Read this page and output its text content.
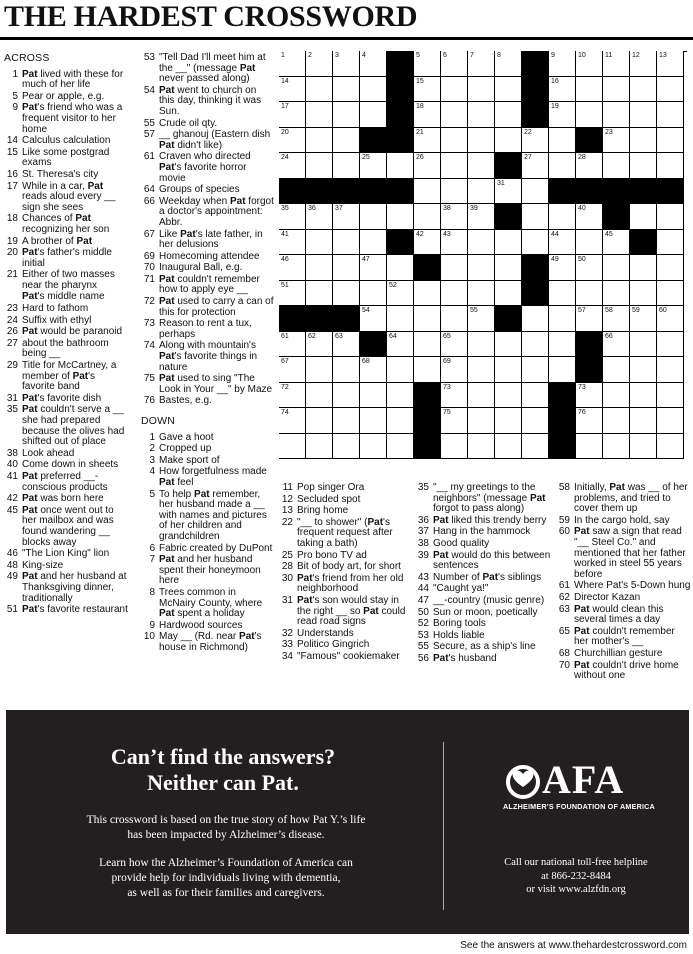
THE HARDEST CROSSWORD
ACROSS
1 Pat lived with these for much of her life
5 Pear or apple, e.g.
9 Pat's friend who was a frequent visitor to her home
14 Calculus calculation
15 Like some postgrad exams
16 St. Theresa's city
17 While in a car, Pat reads aloud every __ sign she sees
18 Chances of Pat recognizing her son
19 A brother of Pat
20 Pat's father's middle initial
21 Either of two masses near the pharynx
Pat's middle name
23 Hard to fathom
24 Suffix with ethyl
26 Pat would be paranoid
27 about the bathroom being __
29 Title for McCartney, a member of Pat's favorite band
31 Pat's favorite dish
35 Pat couldn't serve a __ she had prepared because the olives had shifted out of place
38 Look ahead
40 Come down in sheets
41 Pat preferred __-conscious products
42 Pat was born here
45 Pat once went out to her mailbox and was found wandering __ blocks away
46 "The Lion King" lion
48 King-size
49 Pat and her husband at Thanksgiving dinner, traditionally
51 Pat's favorite restaurant
53 "Tell Dad I'll meet him at the __" (message Pat never passed along)
54 Pat went to church on this day, thinking it was Sun.
55 Crude oil qty.
57 __ ghanouj (Eastern dish Pat didn't like)
61 Craven who directed Pat's favorite horror movie
64 Groups of species
66 Weekday when Pat forgot a doctor's appointment: Abbr.
67 Like Pat's late father, in her delusions
69 Homecoming attendee
70 Inaugural Ball, e.g.
71 Pat couldn't remember how to apply eye __
72 Pat used to carry a can of this for protection
73 Reason to rent a tux, perhaps
74 Along with mountain's Pat's favorite things in nature
75 Pat used to sing "The Look in Your __" by Maze
76 Bastes, e.g.
DOWN
1 Gave a hoot
2 Cropped up
3 Make sport of
4 How forgetfulness made Pat feel
5 To help Pat remember, her husband made a __ with names and pictures of her children and grandchildren
6 Fabric created by DuPont
7 Pat and her husband spent their honeymoon here
8 Trees common in McNairy County, where Pat spent a holiday
9 Hardwood sources
10 May __ (Rd. near Pat's house in Richmond)
1	2	3	4	5	6	7	8	9	10	11	12	13
14	15	16
17	18	19
20	21	22	23
24	25	26	27	28
31
35	36	37	38	39	40
41	42	43	44	45
46	47	49	50
51	52
54	55	57	58	59	60
61	62	63	64	65	66
67	68	69
72	73	73
74	75	76
11 Pop singer Ora
12 Secluded spot
13 Bring home
22 "__ to shower" (Pat's frequent request after taking a bath)
25 Pro bono TV ad
28 Bit of body art, for short
30 Pat's friend from her old neighborhood
31 Pat's son would stay in the right __ so Pat could read road signs
32 Understands
33 Politico Gingrich
34 "Famous" cookiemaker
35 "__ my greetings to the neighbors" (message Pat forgot to pass along)
36 Pat liked this trendy berry
37 Hang in the hammock
38 Good quality
39 Pat would do this between sentences
43 Number of Pat's siblings
44 "Caught ya!"
47 __-country (music genre)
50 Sun or moon, poetically
52 Boring tools
53 Holds liable
55 Secure, as a ship's line
56 Pat's husband
58 Initially, Pat was __ of her problems, and tried to cover them up
59 In the cargo hold, say
60 Pat saw a sign that read "__ Steel Co." and mentioned that her father worked in steel 55 years before
61 Where Pat's 5-Down hung
62 Director Kazan
63 Pat would clean this several times a day
65 Pat couldn't remember her mother's __
68 Churchillian gesture
70 Pat couldn't drive home without one
Can’t find the answers?
Neither can Pat.
This crossword is based on the true story of how Pat Y.’s life
has been impacted by Alzheimer’s disease.
Learn how the Alzheimer’s Foundation of America can
provide help for individuals living with dementia,
as well as for their families and caregivers.
AFA
ALZHEIMER’S FOUNDATION OF AMERICA
Call our national toll-free helpline
at 866-232-8484
or visit www.alzfdn.org
See the answers at www.thehardestcrossword.com
